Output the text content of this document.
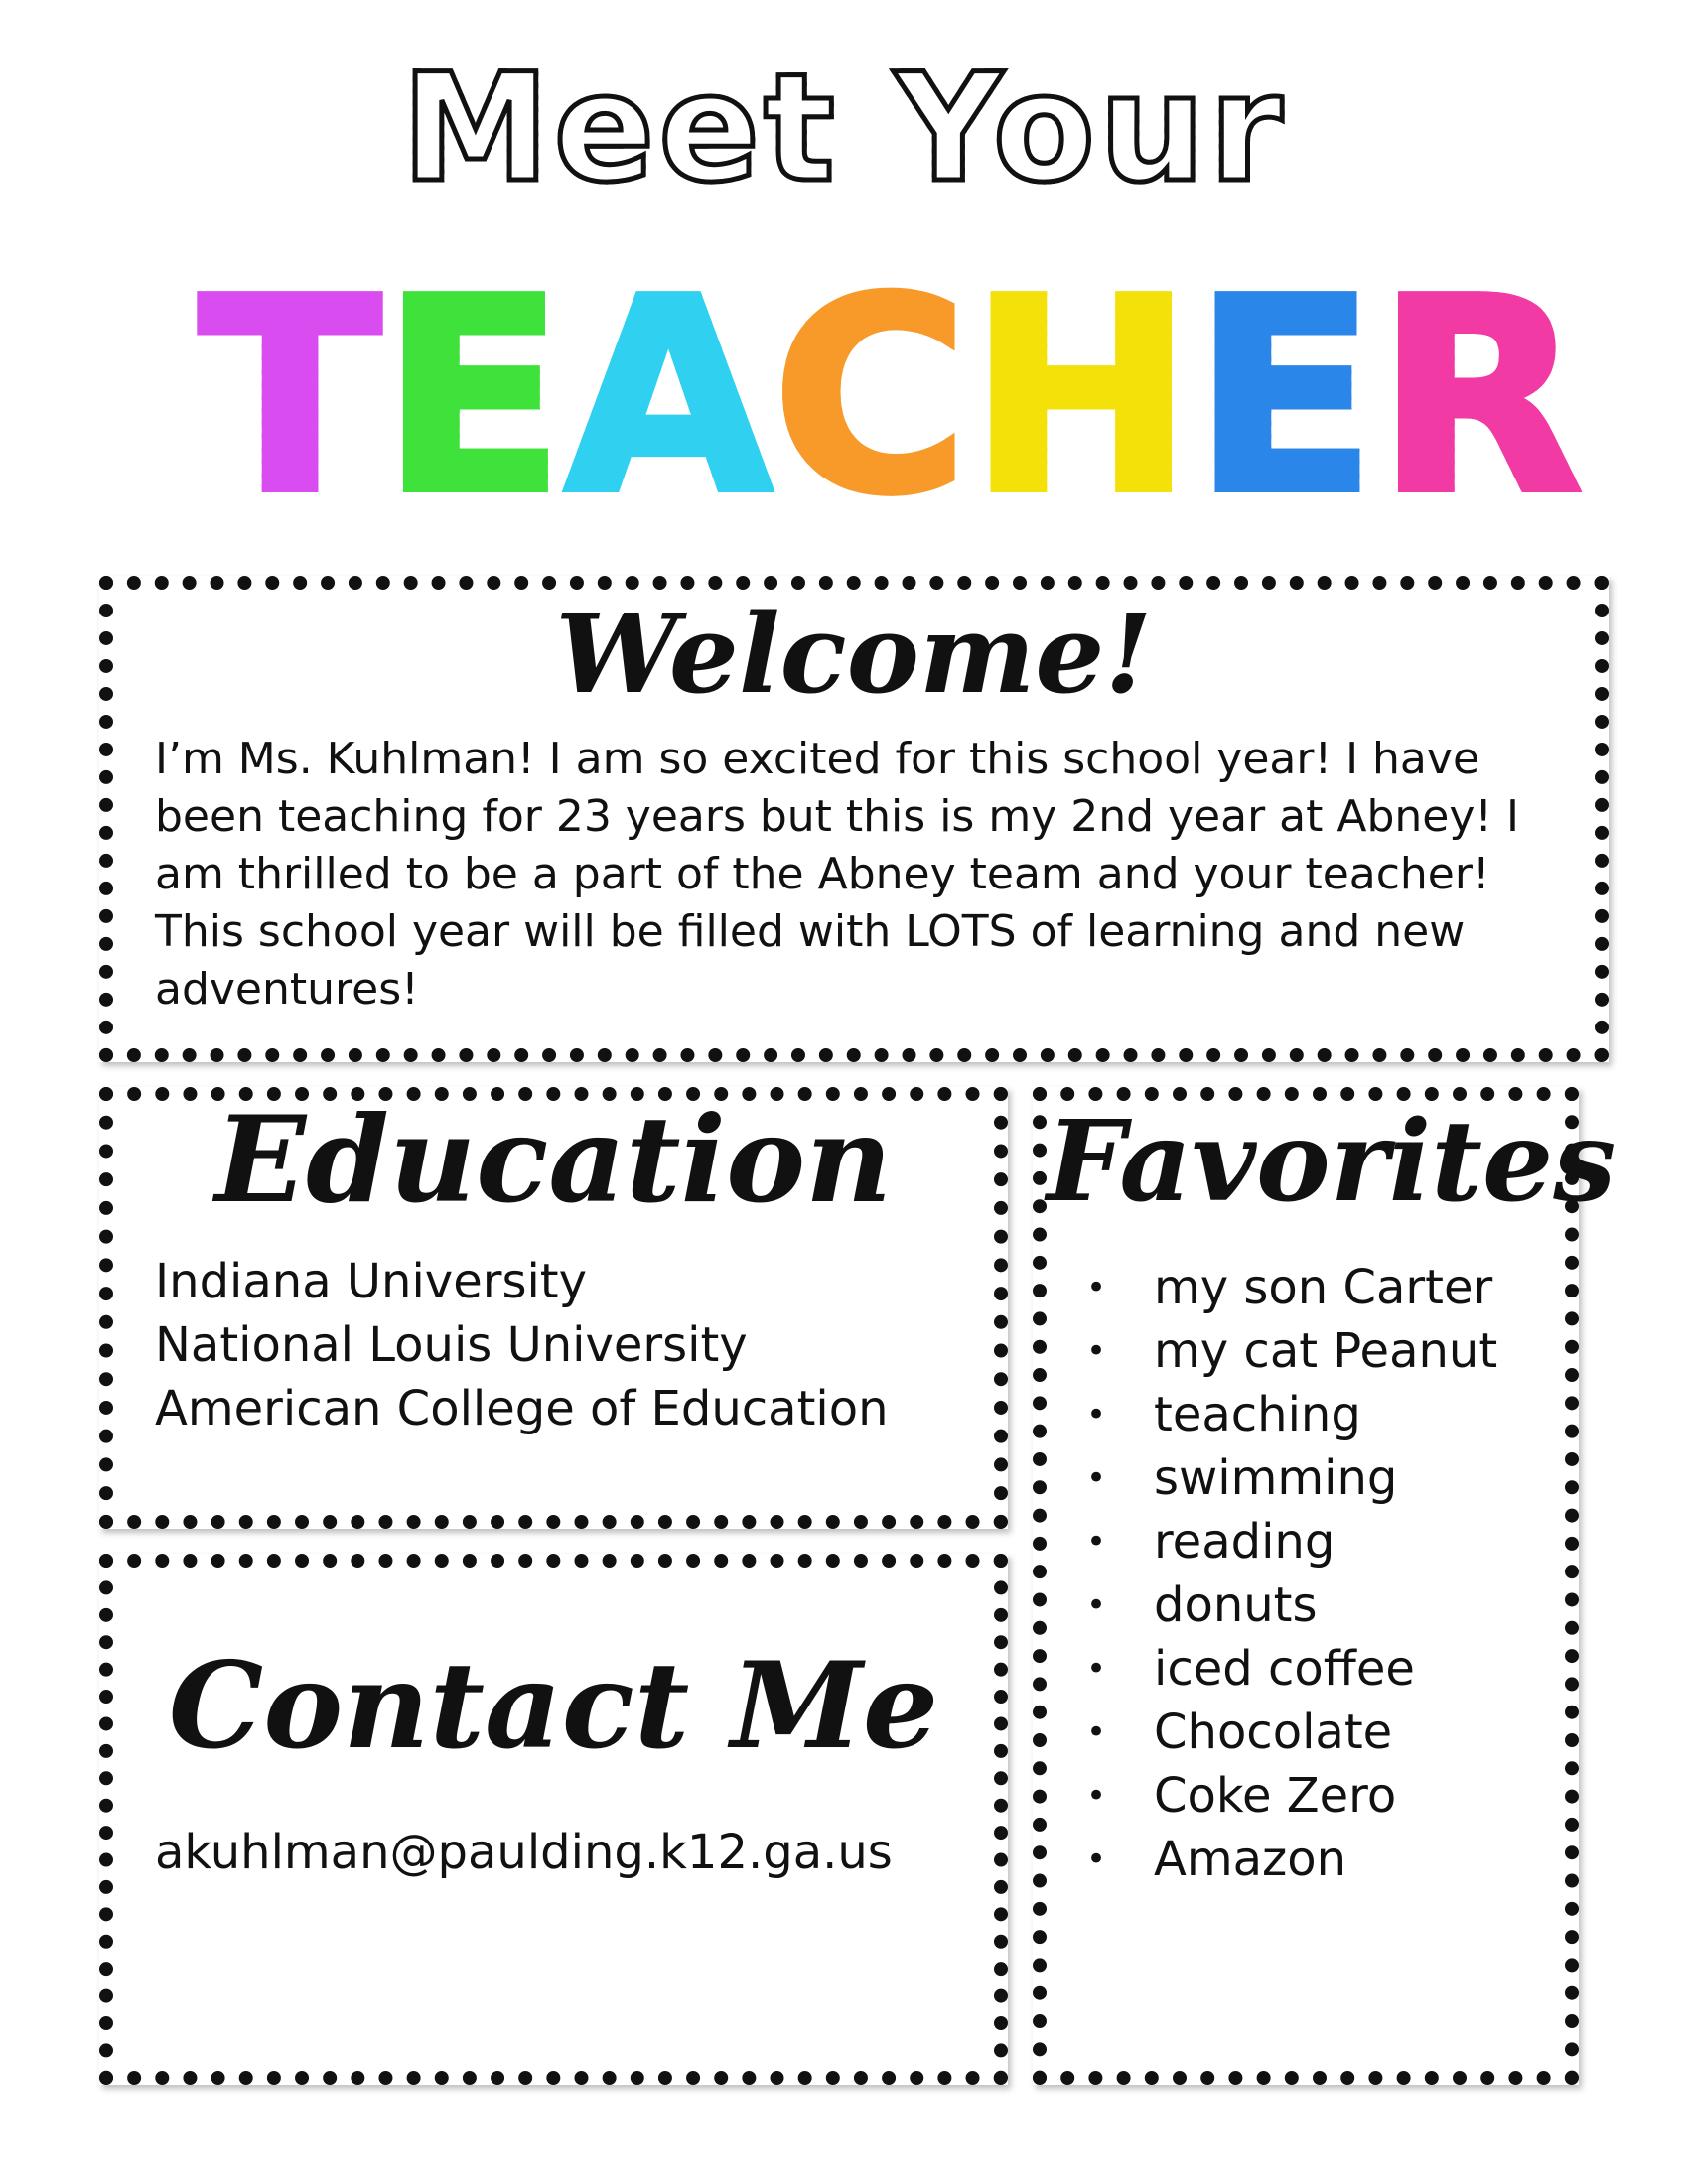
Meet Your
T E A C H E R
Welcome!

I’m Ms. Kuhlman! I am so excited for this school year! I have been teaching for 23 years but this is my 2nd year at Abney! I am thrilled to be a part of the Abney team and your teacher! This school year will be filled with LOTS of learning and new adventures!

Education
Indiana University
National Louis University
American College of Education
Contact Me
akuhlman@paulding.k12.ga.us
Favorites
• my son Carter
• my cat Peanut
• teaching
• swimming
• reading
• donuts
• iced coffee
• Chocolate
• Coke Zero
• Amazon
